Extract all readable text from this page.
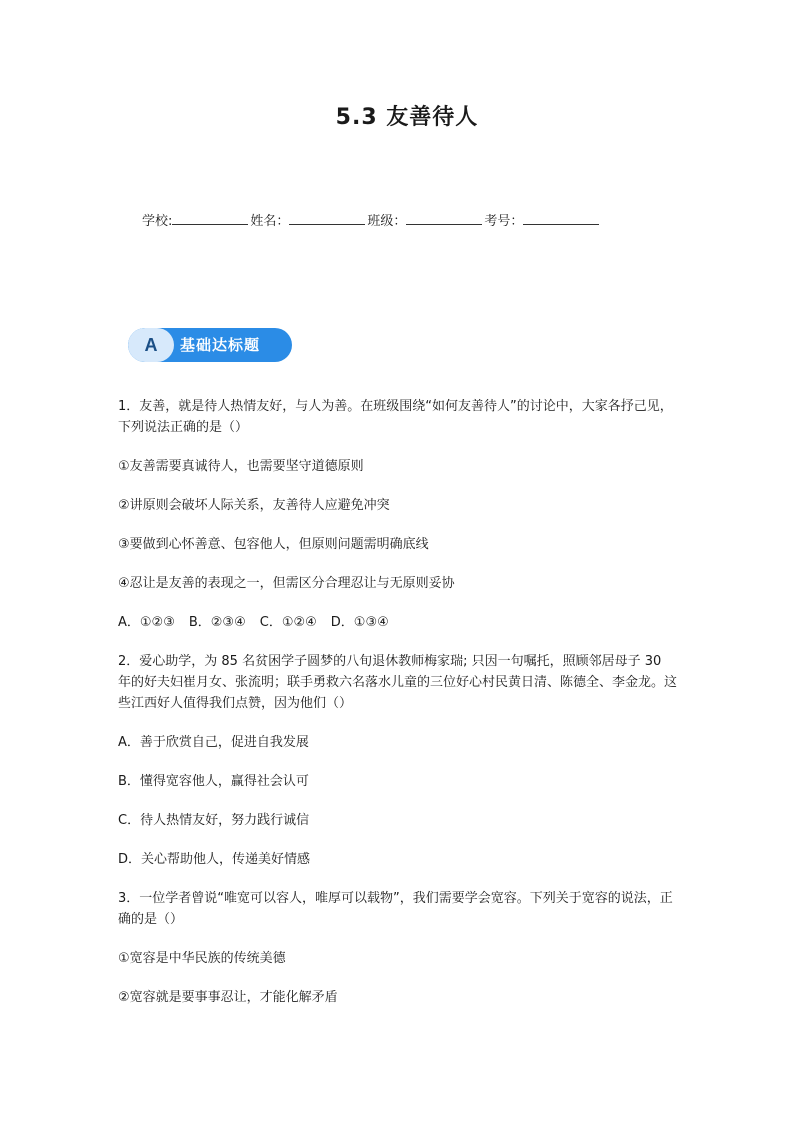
5.3 友善待人
学校:	姓名：	班级：	考号：
A	基础达标题

1．友善，就是待人热情友好，与人为善。在班级围绕“如何友善待人”的讨论中，大家各抒己见，下列说法正确的是（）

①友善需要真诚待人，也需要坚守道德原则

②讲原则会破坏人际关系，友善待人应避免冲突

③要做到心怀善意、包容他人，但原则问题需明确底线

④忍让是友善的表现之一，但需区分合理忍让与无原则妥协

A．①②③ B．②③④ C．①②④ D．①③④

2．爱心助学，为 85 名贫困学子圆梦的八旬退休教师梅家瑞; 只因一句嘱托，照顾邻居母子 30 年的好夫妇崔月女、张流明；联手勇救六名落水儿童的三位好心村民黄日清、陈德全、李金龙。这些江西好人值得我们点赞，因为他们（）

A．善于欣赏自己，促进自我发展

B．懂得宽容他人，赢得社会认可

C．待人热情友好，努力践行诚信

D．关心帮助他人，传递美好情感

3．一位学者曾说“唯宽可以容人，唯厚可以载物”，我们需要学会宽容。下列关于宽容的说法，正确的是（）

①宽容是中华民族的传统美德

②宽容就是要事事忍让，才能化解矛盾
